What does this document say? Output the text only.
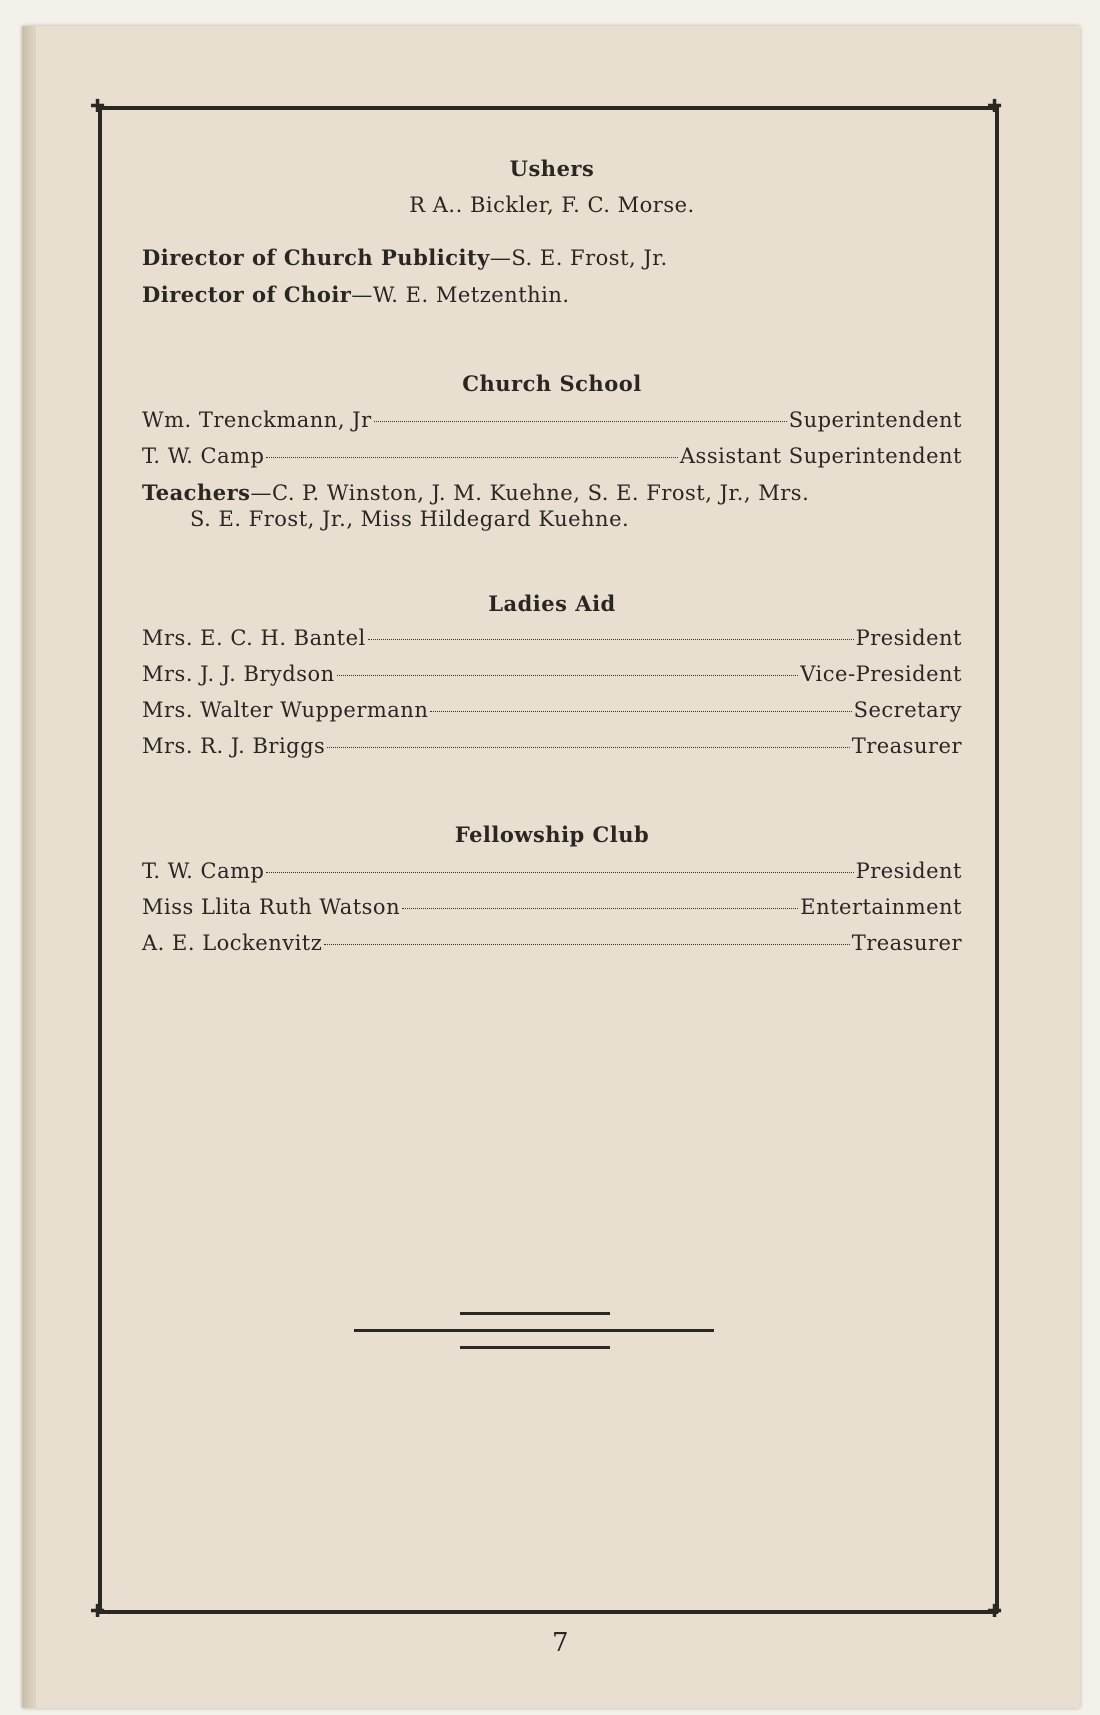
✚	✚
✚	✚

Ushers

R A.. Bickler, F. C. Morse.

Director of Church Publicity—S. E. Frost, Jr.

Director of Choir—W. E. Metzenthin.

Church School

Wm. Trenckmann, Jr	Superintendent
T. W. Camp	Assistant Superintendent

Teachers—C. P. Winston, J. M. Kuehne, S. E. Frost, Jr., Mrs.

S. E. Frost, Jr., Miss Hildegard Kuehne.

Ladies Aid

Mrs. E. C. H. Bantel	President
Mrs. J. J. Brydson	Vice-President
Mrs. Walter Wuppermann	Secretary
Mrs. R. J. Briggs	Treasurer

Fellowship Club

T. W. Camp	President
Miss Llita Ruth Watson	Entertainment
A. E. Lockenvitz	Treasurer
7
